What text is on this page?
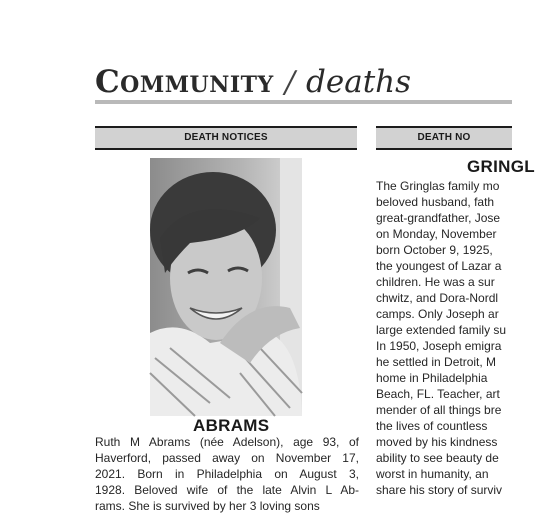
Community / deaths
DEATH NOTICES	DEATH NO
ABRAMS
Ruth M Abrams (née Adelson), age 93, of
Haverford, passed away on November 17,
2021. Born in Philadelphia on August 3,
1928. Beloved wife of the late Alvin L Ab-
rams. She is survived by her 3 loving sons
GRINGL
The Gringlas family mo
beloved husband, fath
great-grandfather, Jose
on Monday, November
born October 9, 1925,
the youngest of Lazar a
children. He was a sur
chwitz, and Dora-Nordl
camps. Only Joseph ar
large extended family su
In 1950, Joseph emigra
he settled in Detroit, M
home in Philadelphia
Beach, FL. Teacher, art
mender of all things bre
the lives of countless
moved by his kindness
ability to see beauty de
worst in humanity, an
share his story of surviv
